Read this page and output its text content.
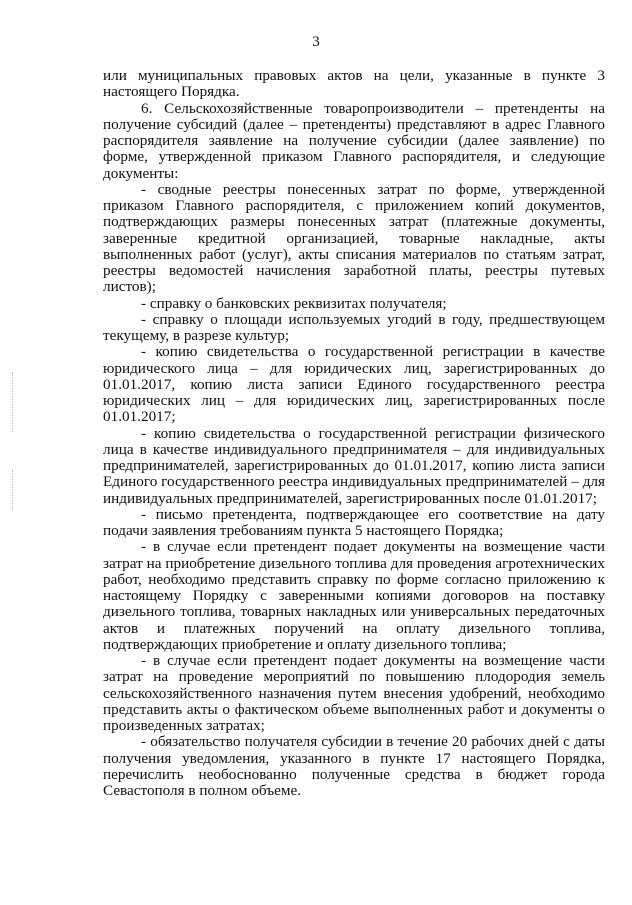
3

или муниципальных правовых актов на цели, указанные в пункте 3 настоящего Порядка.

6. Сельскохозяйственные товаропроизводители – претенденты на получение субсидий (далее – претенденты) представляют в адрес Главного распорядителя заявление на получение субсидии (далее заявление) по форме, утвержденной приказом Главного распорядителя, и следующие документы:

- сводные реестры понесенных затрат по форме, утвержденной приказом Главного распорядителя, с приложением копий документов, подтверждающих размеры понесенных затрат (платежные документы, заверенные кредитной организацией, товарные накладные, акты выполненных работ (услуг), акты списания материалов по статьям затрат, реестры ведомостей начисления заработной платы, реестры путевых листов);

- справку о банковских реквизитах получателя;

- справку о площади используемых угодий в году, предшествующем текущему, в разрезе культур;

- копию свидетельства о государственной регистрации в качестве юридического лица – для юридических лиц, зарегистрированных до 01.01.2017, копию листа записи Единого государственного реестра юридических лиц – для юридических лиц, зарегистрированных после 01.01.2017;

- копию свидетельства о государственной регистрации физического лица в качестве индивидуального предпринимателя – для индивидуальных предпринимателей, зарегистрированных до 01.01.2017, копию листа записи Единого государственного реестра индивидуальных предпринимателей – для индивидуальных предпринимателей, зарегистрированных после 01.01.2017;

- письмо претендента, подтверждающее его соответствие на дату подачи заявления требованиям пункта 5 настоящего Порядка;

- в случае если претендент подает документы на возмещение части затрат на приобретение дизельного топлива для проведения агротехнических работ, необходимо представить справку по форме согласно приложению к настоящему Порядку с заверенными копиями договоров на поставку дизельного топлива, товарных накладных или универсальных передаточных актов и платежных поручений на оплату дизельного топлива, подтверждающих приобретение и оплату дизельного топлива;

- в случае если претендент подает документы на возмещение части затрат на проведение мероприятий по повышению плодородия земель сельскохозяйственного назначения путем внесения удобрений, необходимо представить акты о фактическом объеме выполненных работ и документы о произведенных затратах;

- обязательство получателя субсидии в течение 20 рабочих дней с даты получения уведомления, указанного в пункте 17 настоящего Порядка, перечислить необоснованно полученные средства в бюджет города Севастополя в полном объеме.
